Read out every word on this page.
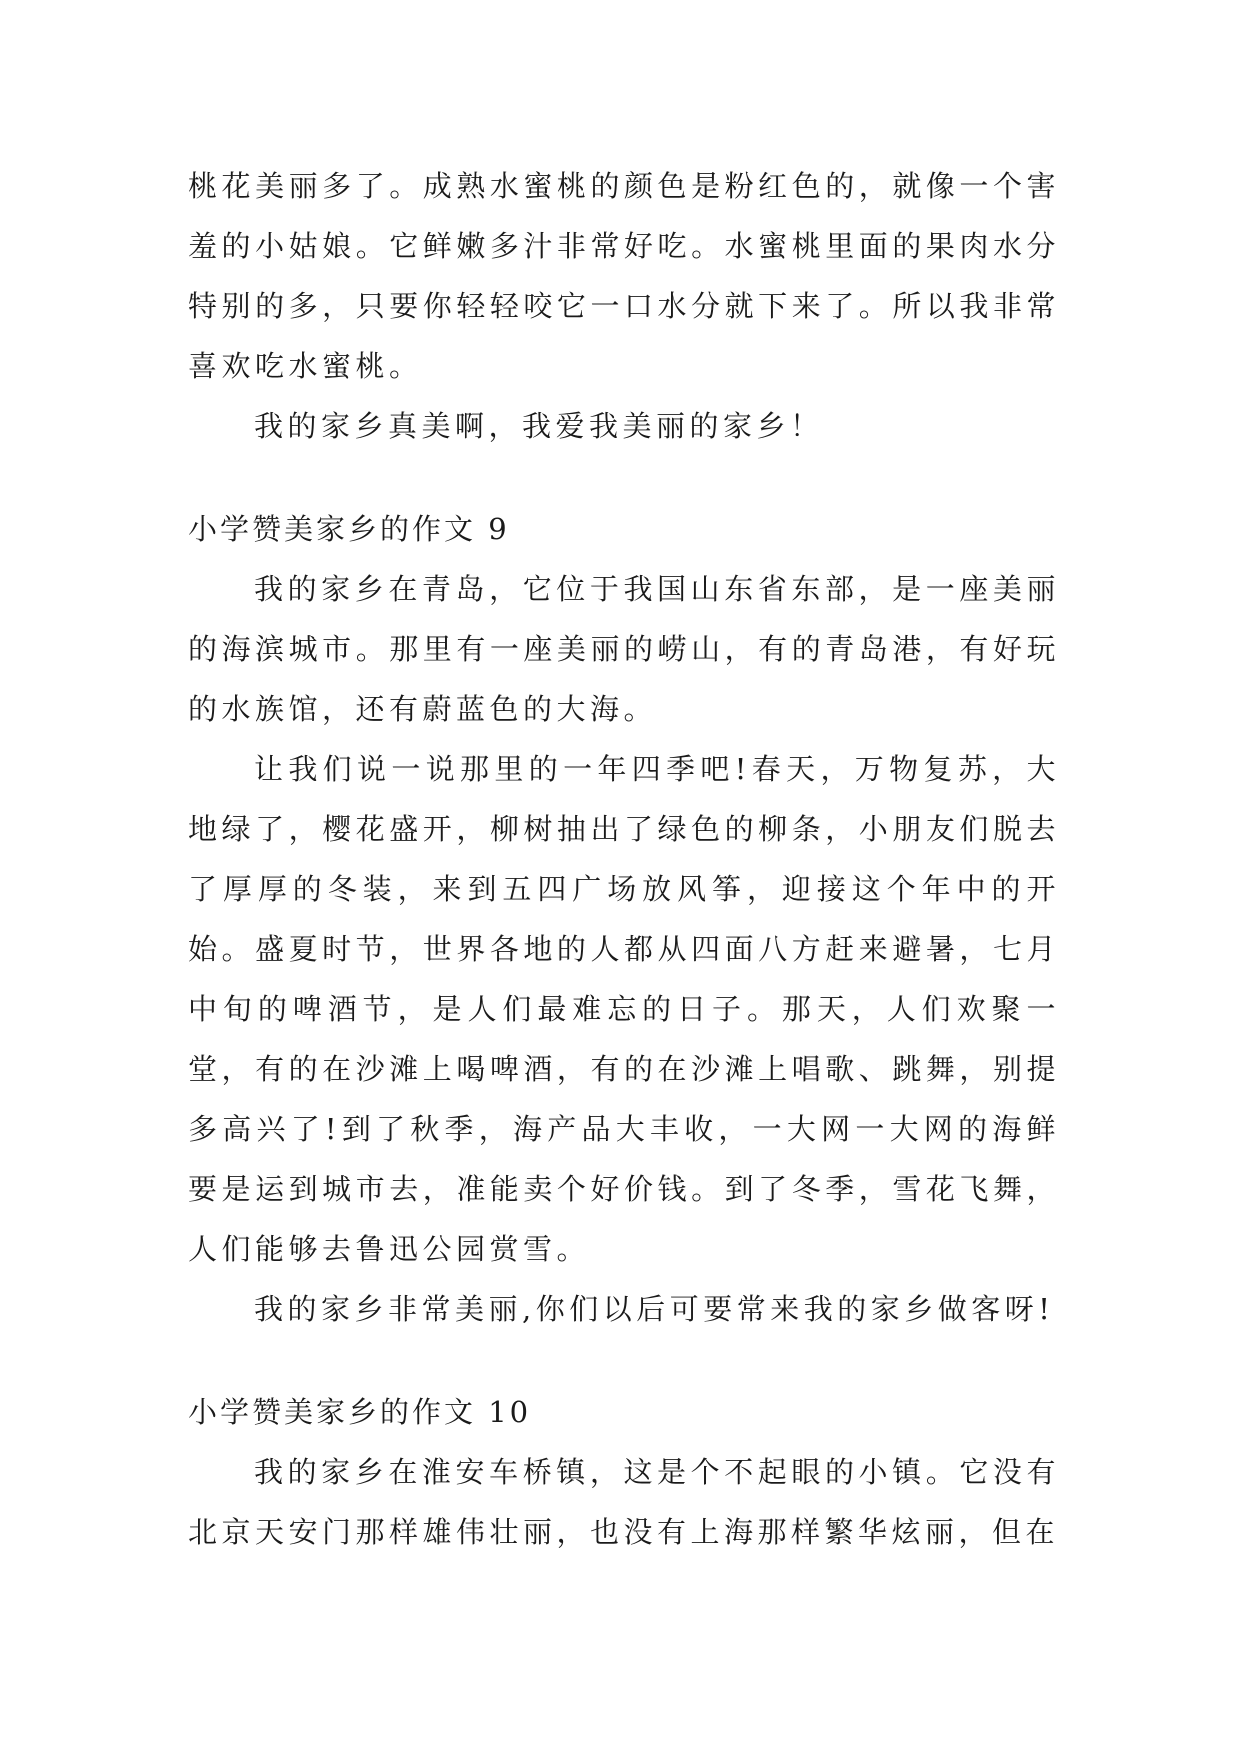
桃花美丽多了。成熟水蜜桃的颜色是粉红色的，就像一个害羞的小姑娘。它鲜嫩多汁非常好吃。水蜜桃里面的果肉水分特别的多，只要你轻轻咬它一口水分就下来了。所以我非常喜欢吃水蜜桃。

我的家乡真美啊，我爱我美丽的家乡！

小学赞美家乡的作文 9

我的家乡在青岛，它位于我国山东省东部，是一座美丽的海滨城市。那里有一座美丽的崂山，有的青岛港，有好玩的水族馆，还有蔚蓝色的大海。

让我们说一说那里的一年四季吧!春天，万物复苏，大地绿了，樱花盛开，柳树抽出了绿色的柳条，小朋友们脱去了厚厚的冬装，来到五四广场放风筝，迎接这个年中的开始。盛夏时节，世界各地的人都从四面八方赶来避暑，七月中旬的啤酒节，是人们最难忘的日子。那天，人们欢聚一堂，有的在沙滩上喝啤酒，有的在沙滩上唱歌、跳舞，别提多高兴了!到了秋季，海产品大丰收，一大网一大网的海鲜要是运到城市去，准能卖个好价钱。到了冬季，雪花飞舞，人们能够去鲁迅公园赏雪。

我的家乡非常美丽,你们以后可要常来我的家乡做客呀!

小学赞美家乡的作文 10

我的家乡在淮安车桥镇，这是个不起眼的小镇。它没有北京天安门那样雄伟壮丽，也没有上海那样繁华炫丽，但在
